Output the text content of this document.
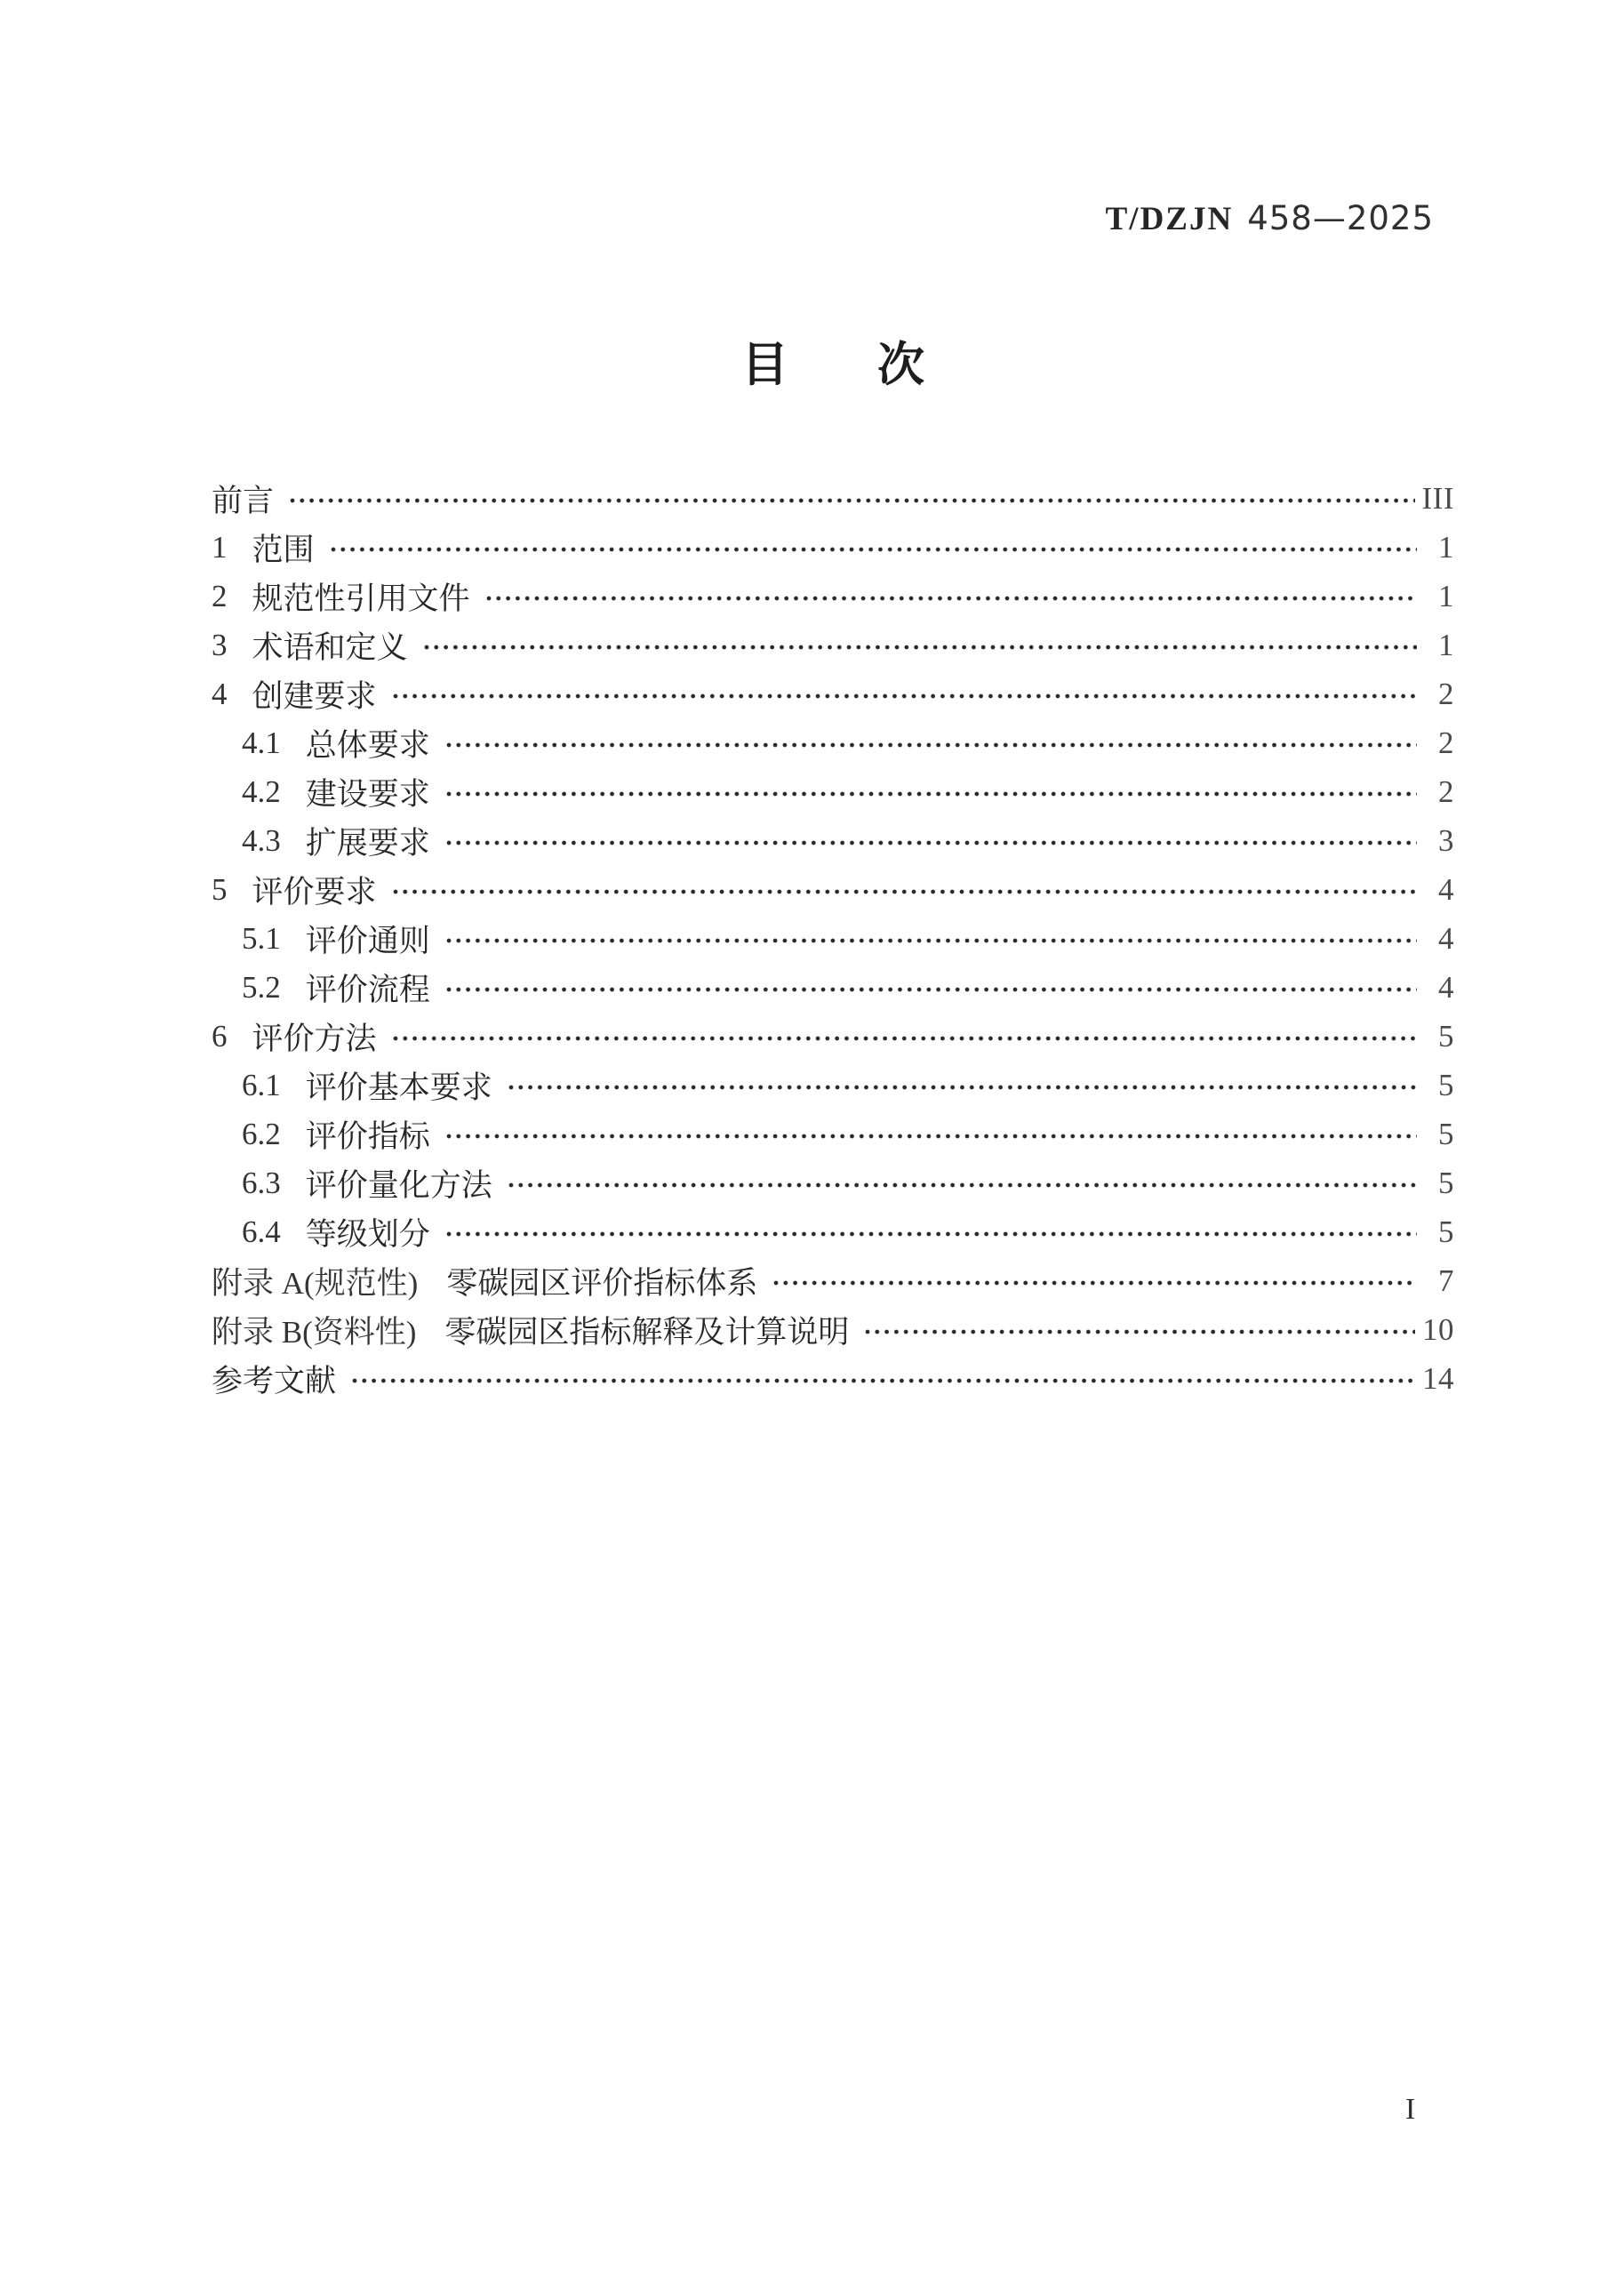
T/DZJN 458—2025
目 次
前言	III
1 范围	1
2 规范性引用文件	1
3 术语和定义	1
4 创建要求	2
4.1 总体要求	2
4.2 建设要求	2
4.3 扩展要求	3
5 评价要求	4
5.1 评价通则	4
5.2 评价流程	4
6 评价方法	5
6.1 评价基本要求	5
6.2 评价指标	5
6.3 评价量化方法	5
6.4 等级划分	5
附录 A(规范性) 零碳园区评价指标体系	7
附录 B(资料性) 零碳园区指标解释及计算说明	10
参考文献	14
I
